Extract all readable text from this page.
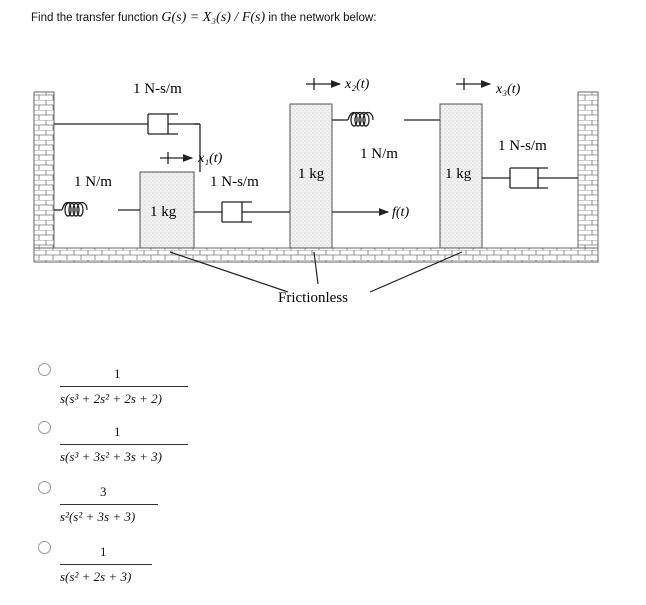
Find the transfer function G(s) = X₃(s) / F(s) in the network below:
1 N-s/m	x₂(t)	x₃(t)
x₁(t)
1 N/m
1 kg
1 N-s/m	1 kg
1 N/m
1 kg
1 N-s/m
f(t)
Frictionless
1
s(s³ + 2s² + 2s + 2)
1
s(s³ + 3s² + 3s + 3)
3
s²(s² + 3s + 3)
1
s(s² + 2s + 3)
